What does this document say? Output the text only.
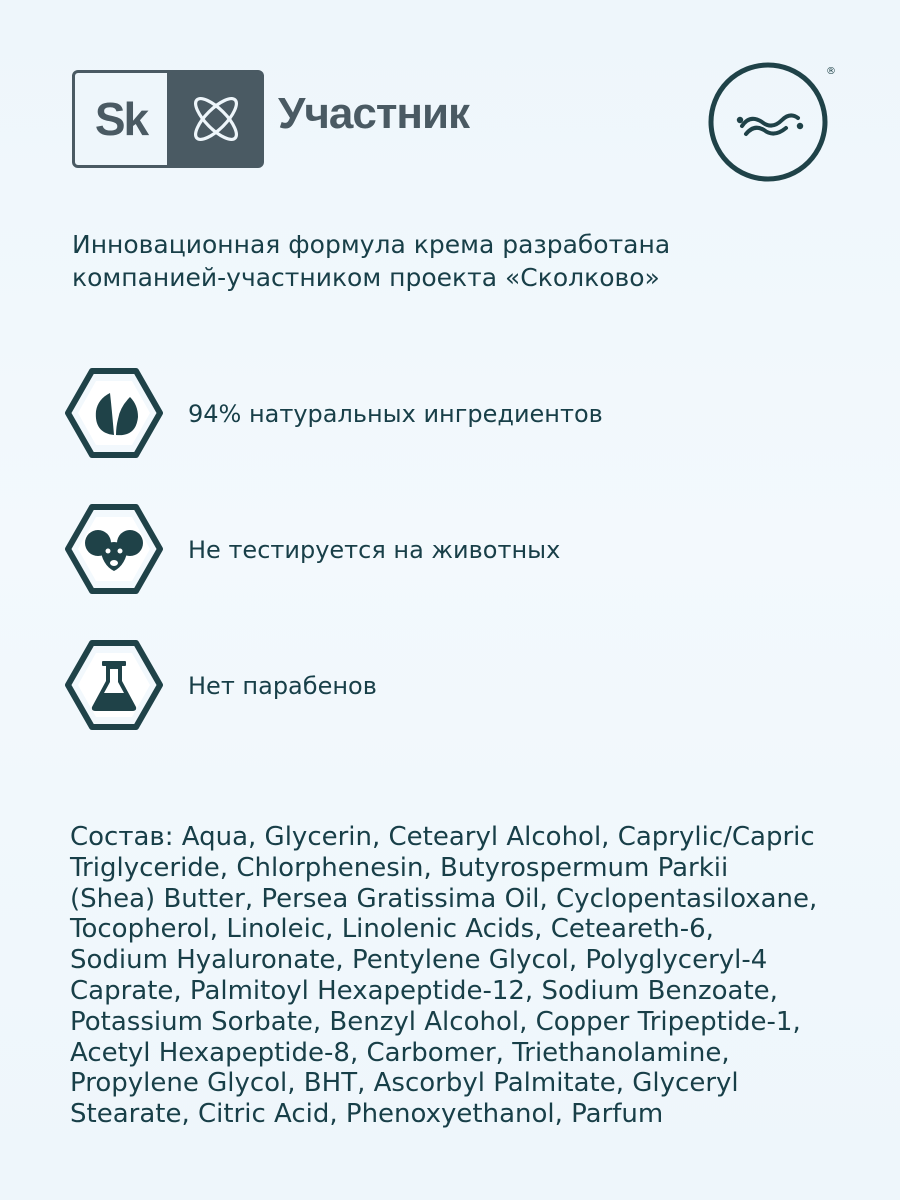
Sk	Участник
®
Инновационная формула крема разработана
компанией-участником проекта «Сколково»
94% натуральных ингредиентов
Не тестируется на животных
Нет парабенов
Состав: Aqua, Glycerin, Cetearyl Alcohol, Caprylic/Capric
Triglyceride, Chlorphenesin, Butyrospermum Parkii
(Shea) Butter, Persea Gratissima Oil, Cyclopentasiloxane,
Tocopherol, Linoleic, Linolenic Acids, Ceteareth-6,
Sodium Hyaluronate, Pentylene Glycol, Polyglyceryl-4
Caprate, Palmitoyl Hexapeptide-12, Sodium Benzoate,
Potassium Sorbate, Benzyl Alcohol, Copper Tripeptide-1,
Acetyl Hexapeptide-8, Carbomer, Triethanolamine,
Propylene Glycol, BHT, Ascorbyl Palmitate, Glyceryl
Stearate, Citric Acid, Phenoxyethanol, Parfum
